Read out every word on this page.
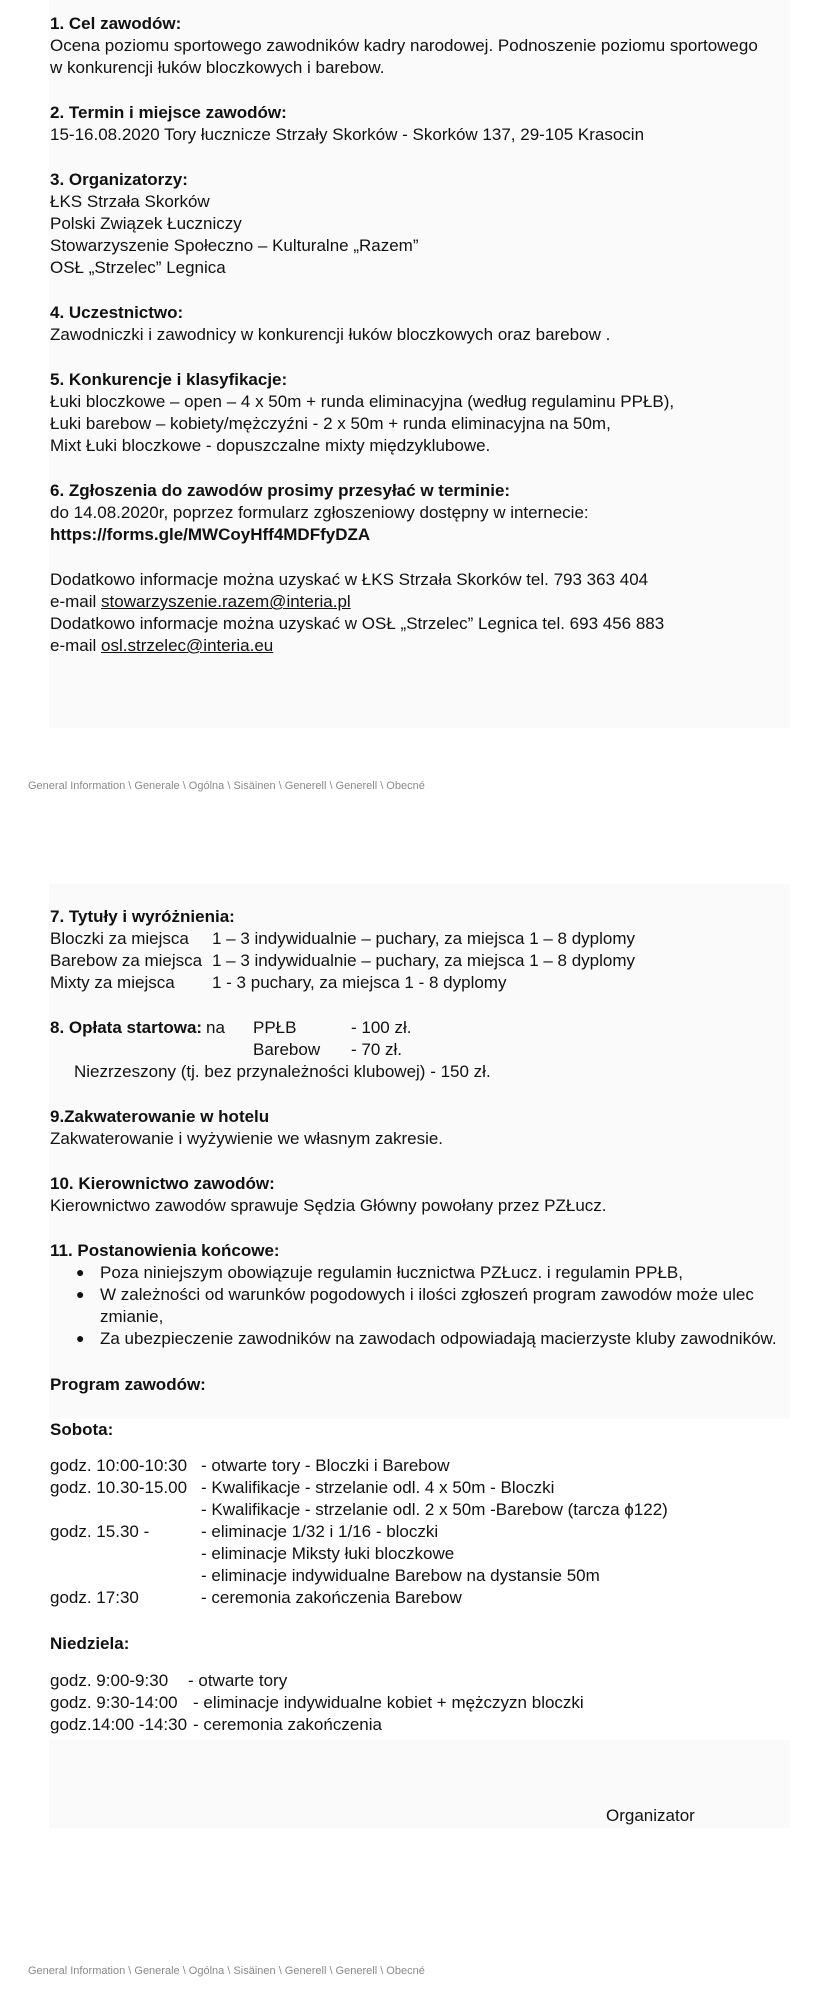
1. Cel zawodów:
Ocena poziomu sportowego zawodników kadry narodowej. Podnoszenie poziomu sportowego
w konkurencji łuków bloczkowych i barebow.
2. Termin i miejsce zawodów:
15-16.08.2020 Tory łucznicze Strzały Skorków - Skorków 137, 29-105 Krasocin
3. Organizatorzy:
ŁKS Strzała Skorków
Polski Związek Łuczniczy
Stowarzyszenie Społeczno – Kulturalne „Razem”
OSŁ „Strzelec” Legnica
4. Uczestnictwo:
Zawodniczki i zawodnicy w konkurencji łuków bloczkowych oraz barebow .
5. Konkurencje i klasyfikacje:
Łuki bloczkowe – open – 4 x 50m + runda eliminacyjna (według regulaminu PPŁB),
Łuki barebow – kobiety/mężczyźni - 2 x 50m + runda eliminacyjna na 50m,
Mixt Łuki bloczkowe - dopuszczalne mixty międzyklubowe.
6. Zgłoszenia do zawodów prosimy przesyłać w terminie:
do 14.08.2020r, poprzez formularz zgłoszeniowy dostępny w internecie:
https://forms.gle/MWCoyHff4MDFfyDZA
Dodatkowo informacje można uzyskać w ŁKS Strzała Skorków tel. 793 363 404
e-mail stowarzyszenie.razem@interia.pl
Dodatkowo informacje można uzyskać w OSŁ „Strzelec” Legnica tel. 693 456 883
e-mail osl.strzelec@interia.eu
General Information \ Generale \ Ogólna \ Sisäinen \ Generell \ Generell \ Obecné
7. Tytuły i wyróżnienia:
Bloczki za miejsca 1 – 3 indywidualnie – puchary, za miejsca 1 – 8 dyplomy
Barebow za miejsca 1 – 3 indywidualnie – puchary, za miejsca 1 – 8 dyplomy
Mixty za miejsca 1 - 3 puchary, za miejsca 1 - 8 dyplomy
8. Opłata startowa: na PPŁB	- 100 zł.
Barebow - 70 zł.
Niezrzeszony (tj. bez przynależności klubowej) - 150 zł.
9.Zakwaterowanie w hotelu
Zakwaterowanie i wyżywienie we własnym zakresie.
10. Kierownictwo zawodów:
Kierownictwo zawodów sprawuje Sędzia Główny powołany przez PZŁucz.
11. Postanowienia końcowe:
● Poza niniejszym obowiązuje regulamin łucznictwa PZŁucz. i regulamin PPŁB,
● W zależności od warunków pogodowych i ilości zgłoszeń program zawodów może ulec
zmianie,
● Za ubezpieczenie zawodników na zawodach odpowiadają macierzyste kluby zawodników.
Program zawodów:
Sobota:
godz. 10:00-10:30 - otwarte tory - Bloczki i Barebow
godz. 10.30-15.00 - Kwalifikacje - strzelanie odl. 4 x 50m - Bloczki
- Kwalifikacje - strzelanie odl. 2 x 50m -Barebow (tarcza ϕ122)
godz. 15.30 -	- eliminacje 1/32 i 1/16 - bloczki
- eliminacje Miksty łuki bloczkowe
- eliminacje indywidualne Barebow na dystansie 50m
godz. 17:30	- ceremonia zakończenia Barebow
Niedziela:
godz. 9:00-9:30 - otwarte tory
godz. 9:30-14:00 - eliminacje indywidualne kobiet + mężczyzn bloczki
godz.14:00 -14:30 - ceremonia zakończenia
Organizator
General Information \ Generale \ Ogólna \ Sisäinen \ Generell \ Generell \ Obecné
